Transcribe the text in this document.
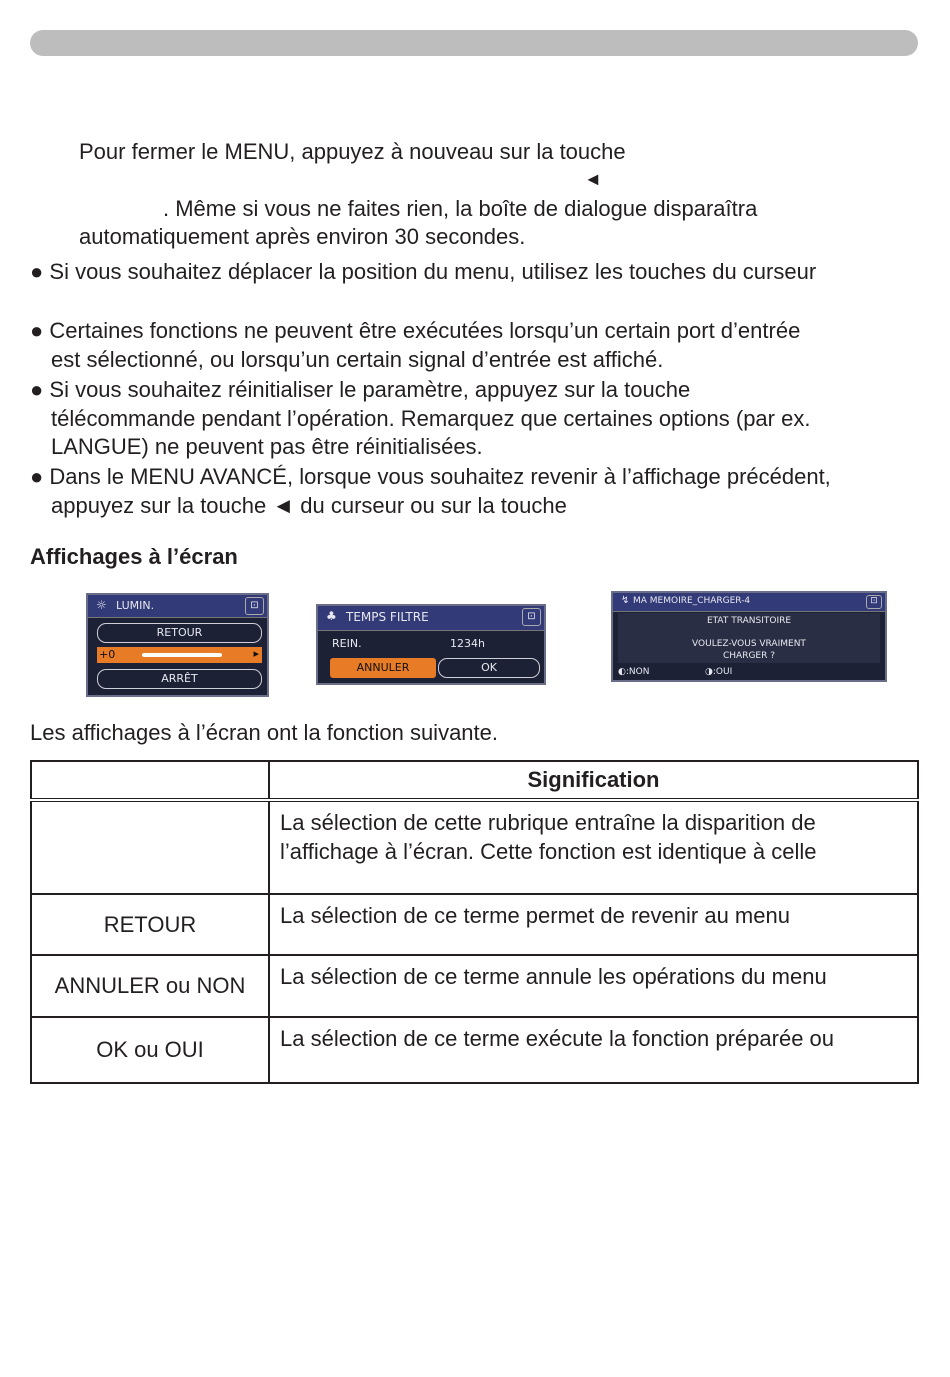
Pour fermer le MENU, appuyez à nouveau sur la touche
◄
. Même si vous ne faites rien, la boîte de dialogue disparaîtra
automatiquement après environ 30 secondes.
● Si vous souhaitez déplacer la position du menu, utilisez les touches du curseur
● Certaines fonctions ne peuvent être exécutées lorsqu’un certain port d’entrée
est sélectionné, ou lorsqu’un certain signal d’entrée est affiché.
● Si vous souhaitez réinitialiser le paramètre, appuyez sur la touche
télécommande pendant l’opération. Remarquez que certaines options (par ex.
LANGUE) ne peuvent pas être réinitialisées.
● Dans le MENU AVANCÉ, lorsque vous souhaitez revenir à l’affichage précédent,
appuyez sur la touche ◄ du curseur ou sur la touche
Affichages à l’écran
☼ LUMIN.	⊡
RETOUR
+0	▸
ARRÊT
♣ TEMPS FILTRE	⊡
REIN.	1234h
ANNULER	OK
↯ MA MEMOIRE_CHARGER-4	⊡
ETAT TRANSITOIRE
VOULEZ-VOUS VRAIMENT
CHARGER ?
◐:NON	◑:OUI
Les affichages à l’écran ont la fonction suivante.
	Signification

	La sélection de cette rubrique entraîne la disparition de
l’affichage à l’écran. Cette fonction est identique à celle

RETOUR	La sélection de ce terme permet de revenir au menu

ANNULER ou NON	La sélection de ce terme annule les opérations du menu

OK ou OUI	La sélection de ce terme exécute la fonction préparée ou
